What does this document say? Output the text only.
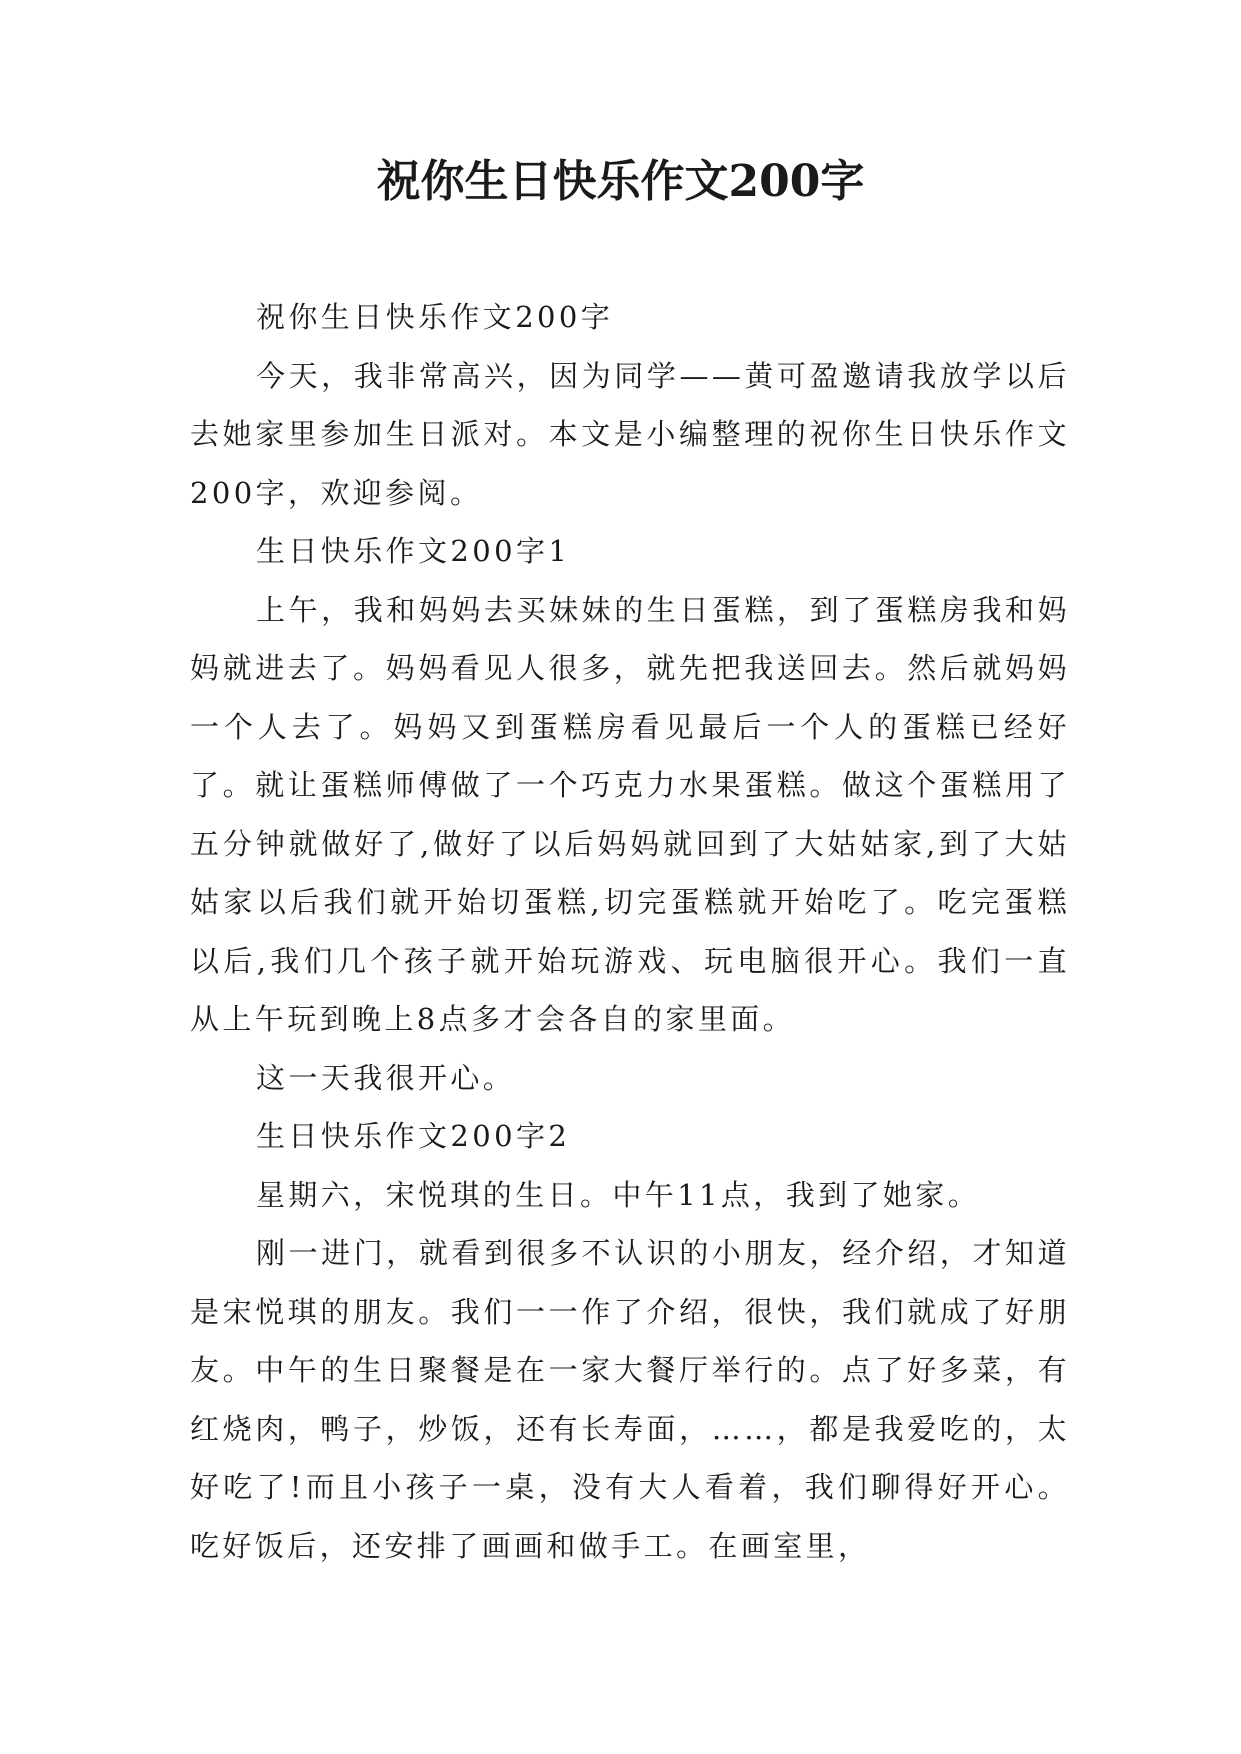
祝你生日快乐作文200字

祝你生日快乐作文200字

今天，我非常高兴，因为同学——黄可盈邀请我放学以后去她家里参加生日派对。本文是小编整理的祝你生日快乐作文200字，欢迎参阅。

生日快乐作文200字1

上午，我和妈妈去买妹妹的生日蛋糕，到了蛋糕房我和妈妈就进去了。妈妈看见人很多，就先把我送回去。然后就妈妈一个人去了。妈妈又到蛋糕房看见最后一个人的蛋糕已经好了。就让蛋糕师傅做了一个巧克力水果蛋糕。做这个蛋糕用了五分钟就做好了,做好了以后妈妈就回到了大姑姑家,到了大姑姑家以后我们就开始切蛋糕,切完蛋糕就开始吃了。吃完蛋糕以后,我们几个孩子就开始玩游戏、玩电脑很开心。我们一直从上午玩到晚上8点多才会各自的家里面。

这一天我很开心。

生日快乐作文200字2

星期六，宋悦琪的生日。中午11点，我到了她家。

刚一进门，就看到很多不认识的小朋友，经介绍，才知道是宋悦琪的朋友。我们一一作了介绍，很快，我们就成了好朋友。中午的生日聚餐是在一家大餐厅举行的。点了好多菜，有红烧肉，鸭子，炒饭，还有长寿面，……，都是我爱吃的，太好吃了!而且小孩子一桌，没有大人看着，我们聊得好开心。吃好饭后，还安排了画画和做手工。在画室里，
